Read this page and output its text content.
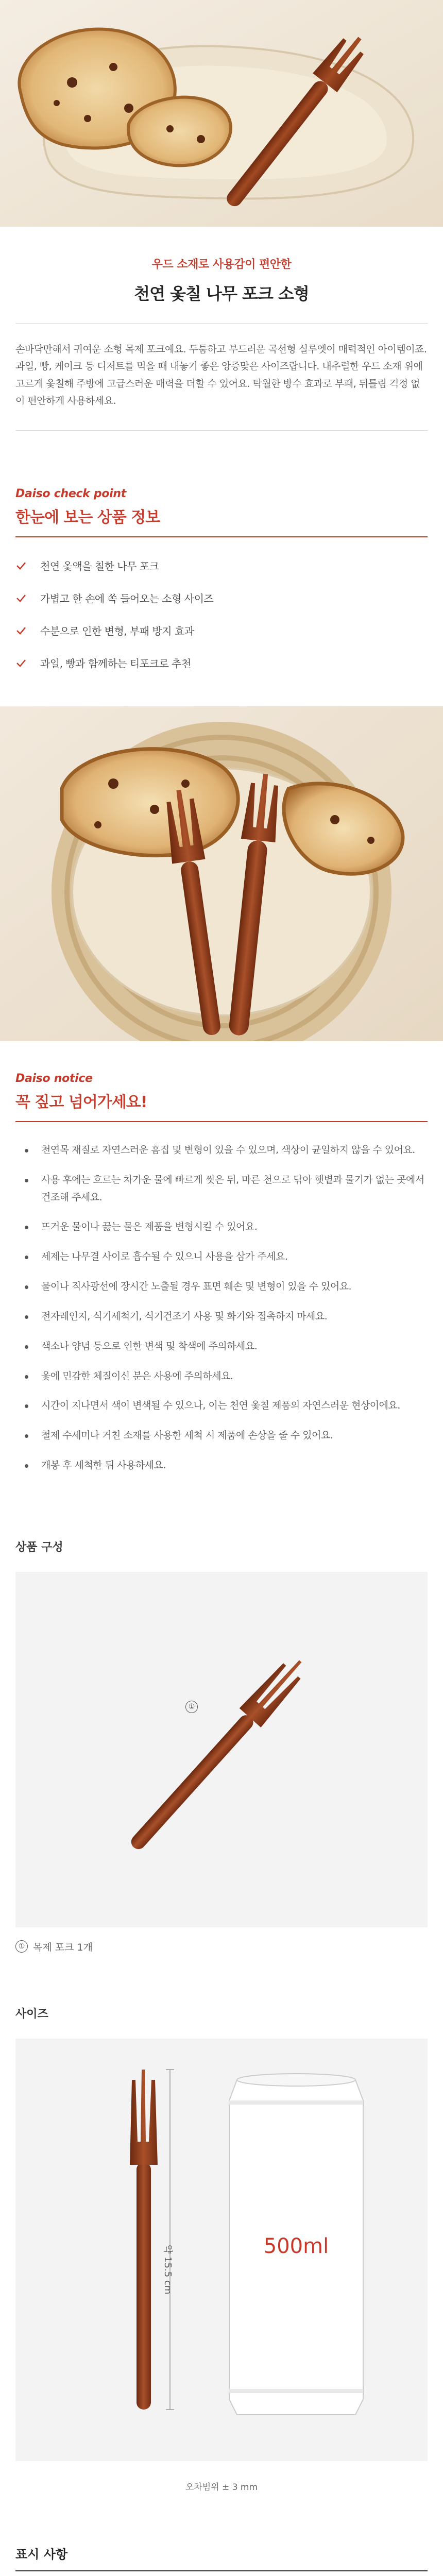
우드 소재로 사용감이 편안한
천연 옻칠 나무 포크 소형

손바닥만해서 귀여운 소형 목제 포크예요. 두툼하고 부드러운 곡선형 실루엣이 매력적인 아이템이죠. 과일, 빵, 케이크 등 디저트를 먹을 때 내놓기 좋은 앙증맞은 사이즈랍니다. 내추럴한 우드 소재 위에 고르게 옻칠해 주방에 고급스러운 매력을 더할 수 있어요. 탁월한 방수 효과로 부패, 뒤틀림 걱정 없이 편안하게 사용하세요.

Daiso check point
한눈에 보는 상품 정보
천연 옻액을 칠한 나무 포크
가볍고 한 손에 쏙 들어오는 소형 사이즈
수분으로 인한 변형, 부패 방지 효과
과일, 빵과 함께하는 티포크로 추천
Daiso notice
꼭 짚고 넘어가세요!
천연목 재질로 자연스러운 흠집 및 변형이 있을 수 있으며, 색상이 균일하지 않을 수 있어요.
사용 후에는 흐르는 차가운 물에 빠르게 씻은 뒤, 마른 천으로 닦아 햇볕과 물기가 없는 곳에서 건조해 주세요.
뜨거운 물이나 끓는 물은 제품을 변형시킬 수 있어요.
세제는 나무결 사이로 흡수될 수 있으니 사용을 삼가 주세요.
물이나 직사광선에 장시간 노출될 경우 표면 훼손 및 변형이 있을 수 있어요.
전자레인지, 식기세척기, 식기건조기 사용 및 화기와 접촉하지 마세요.
색소나 양념 등으로 인한 변색 및 착색에 주의하세요.
옻에 민감한 체질이신 분은 사용에 주의하세요.
시간이 지나면서 색이 변색될 수 있으나, 이는 천연 옻칠 제품의 자연스러운 현상이에요.
철제 수세미나 거친 소재를 사용한 세척 시 제품에 손상을 줄 수 있어요.
개봉 후 세척한 뒤 사용하세요.
상품 구성
①
① 목제 포크 1개
사이즈
약 15.5 cm	500ml
오차범위 ± 3 mm
표시 사항
